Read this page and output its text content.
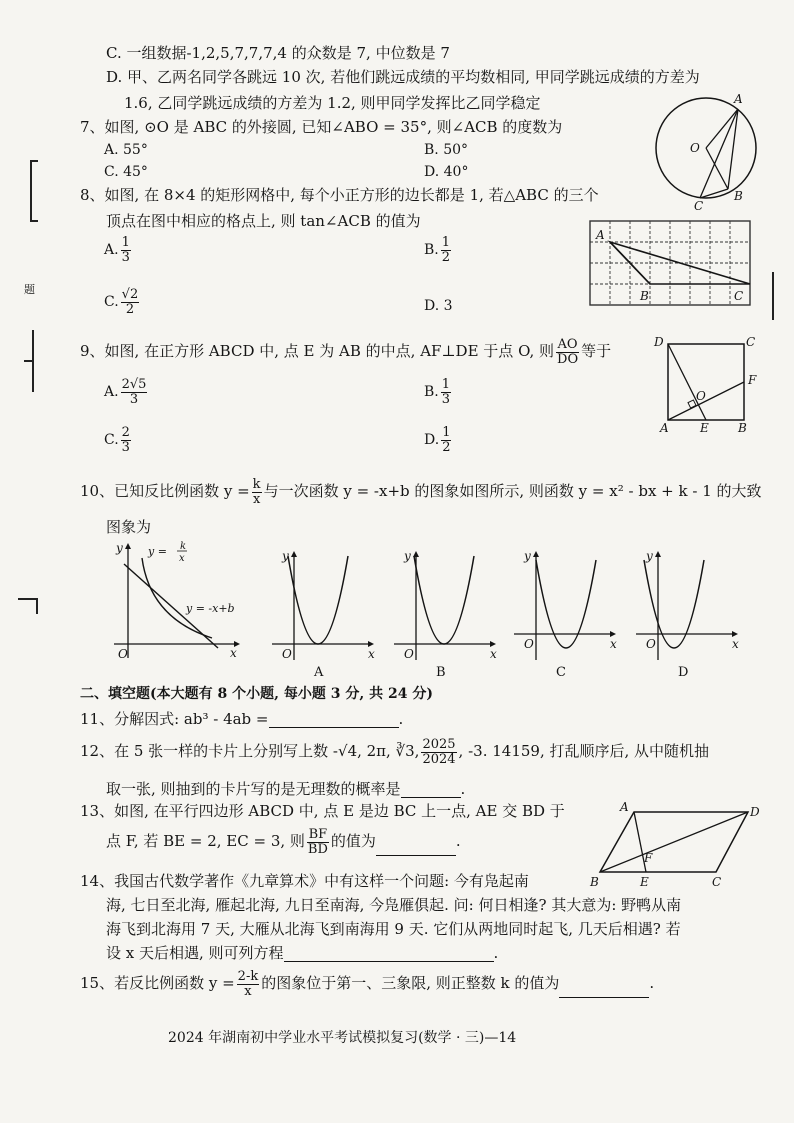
题
C. 一组数据-1,2,5,7,7,7,4 的众数是 7, 中位数是 7
D. 甲、乙两名同学各跳远 10 次, 若他们跳远成绩的平均数相同, 甲同学跳远成绩的方差为
1.6, 乙同学跳远成绩的方差为 1.2, 则甲同学发挥比乙同学稳定
7、如图, ⊙O 是 ABC 的外接圆, 已知∠ABO = 35°, 则∠ACB 的度数为
A. 55°	B. 50°
C. 45°	D. 40°
A
O
B
C
8、如图, 在 8×4 的矩形网格中, 每个小正方形的边长都是 1, 若△ABC 的三个
顶点在图中相应的格点上, 则 tan∠ACB 的值为
A. $\frac{1}{3}$	B. $\frac{1}{2}$
C. $\frac{√2}{2}$	D. 3
A
B	C
9、如图, 在正方形 ABCD 中, 点 E 为 AB 的中点, AF⊥DE 于点 O, 则 $\frac{AO}{DO}$ 等于
A. $\frac{2√5}{3}$	B. $\frac{1}{3}$
C. $\frac{2}{3}$	D. $\frac{1}{2}$
D	C
F
O
A	E B
10、已知反比例函数 $y = \frac{k}{x}$ 与一次函数 y = -x+b 的图象如图所示, 则函数 y = x² - bx + k - 1 的大致
图象为
y
x
O
y = k
x
y = -x+b
y
x
O
A
y
x
O
B
y
x
O
C
y
x
O
D
二、填空题(本大题有 8 个小题, 每小题 3 分, 共 24 分)
11、分解因式: ab³ - 4ab =	.
12、在 5 张一样的卡片上分别写上数 -√4, 2π, ∛3, $\frac{2025}{2024}$ , -3. 14159, 打乱顺序后, 从中随机抽
取一张, 则抽到的卡片写的是无理数的概率是	.
13、如图, 在平行四边形 ABCD 中, 点 E 是边 BC 上一点, AE 交 BD 于
点 F, 若 BE = 2, EC = 3, 则 $\frac{BF}{BD}$ 的值为	.
A	D
F
B	E	C
14、我国古代数学著作《九章算术》中有这样一个问题: 今有凫起南
海, 七日至北海, 雁起北海, 九日至南海, 今凫雁俱起. 问: 何日相逢? 其大意为: 野鸭从南
海飞到北海用 7 天, 大雁从北海飞到南海用 9 天. 它们从两地同时起飞, 几天后相遇? 若
设 x 天后相遇, 则可列方程	.
15、若反比例函数 $y = \frac{2-k}{x}$ 的图象位于第一、三象限, 则正整数 k 的值为	.
2024 年湖南初中学业水平考试模拟复习(数学 · 三)—14
